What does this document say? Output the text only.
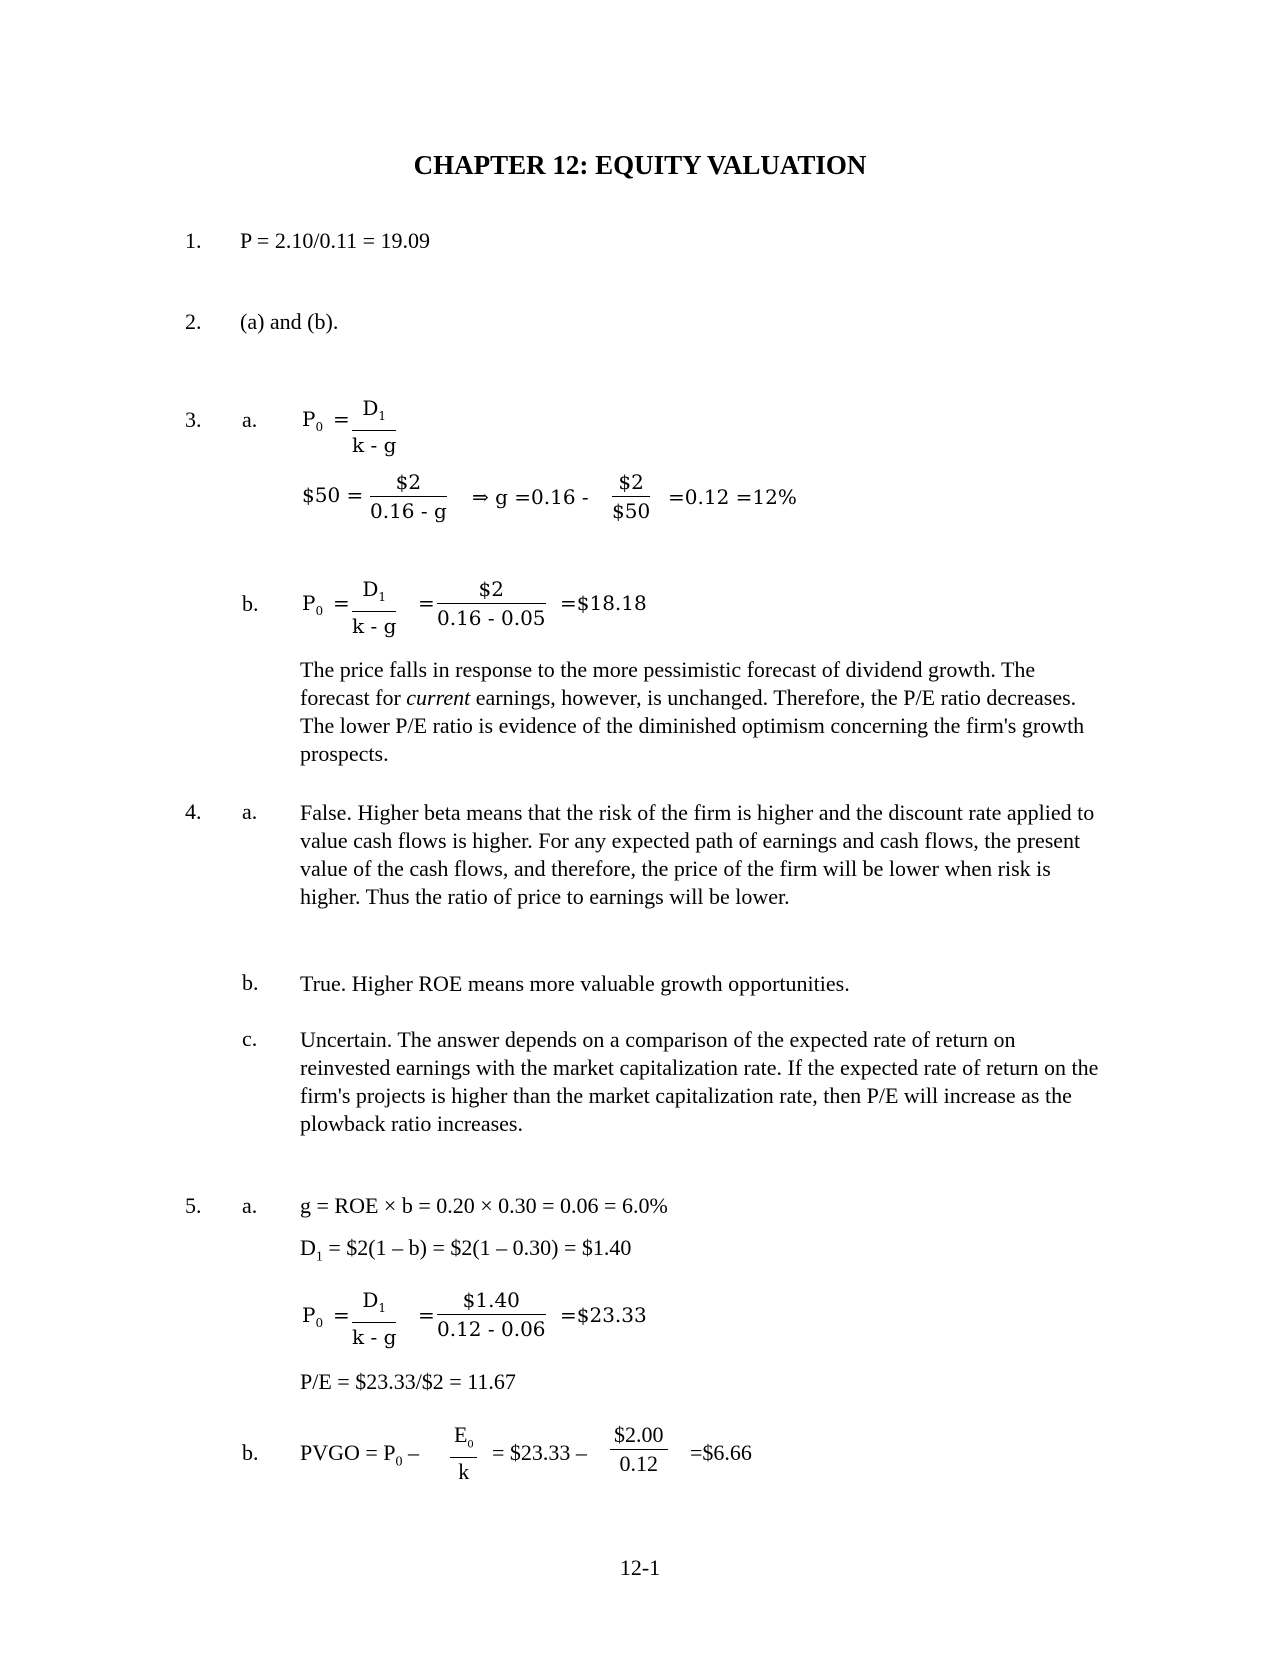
CHAPTER 12: EQUITY VALUATION
1. P = 2.10/0.11 = 19.09
2. (a) and (b).
3. a. $P_0 = \frac{D_1}{k - g}$
$50 = $\frac{\$2}{0.16 - g}$ ⇒ $g =0.16 - \frac{\$2}{\$50} =0.12 =12\%$
b. $P_0 = \frac{D_1}{k - g} = \frac{\$2}{0.16 - 0.05}$ =$18.18
The price falls in response to the more pessimistic forecast of dividend growth. The forecast for current earnings, however, is unchanged. Therefore, the P/E ratio decreases. The lower P/E ratio is evidence of the diminished optimism concerning the firm's growth prospects.
4. a. False. Higher beta means that the risk of the firm is higher and the discount rate applied to value cash flows is higher. For any expected path of earnings and cash flows, the present value of the cash flows, and therefore, the price of the firm will be lower when risk is higher. Thus the ratio of price to earnings will be lower.
b. True. Higher ROE means more valuable growth opportunities.
c. Uncertain. The answer depends on a comparison of the expected rate of return on reinvested earnings with the market capitalization rate. If the expected rate of return on the firm's projects is higher than the market capitalization rate, then P/E will increase as the plowback ratio increases.
5. a. g = ROE × b = 0.20 × 0.30 = 0.06 = 6.0%
$D_1$ = $2(1 – b) = $2(1 – 0.30) = $1.40
$P_0 = \frac{D_1}{k - g} = \frac{\$1.40}{0.12 - 0.06}$ =$23.33
P/E = $23.33/$2 = 11.67
b. PVGO = $P_0 - \frac{E_0}{k}$ = $23.33 – $\frac{\$2.00}{0.12}$ =$6.66
12-1
